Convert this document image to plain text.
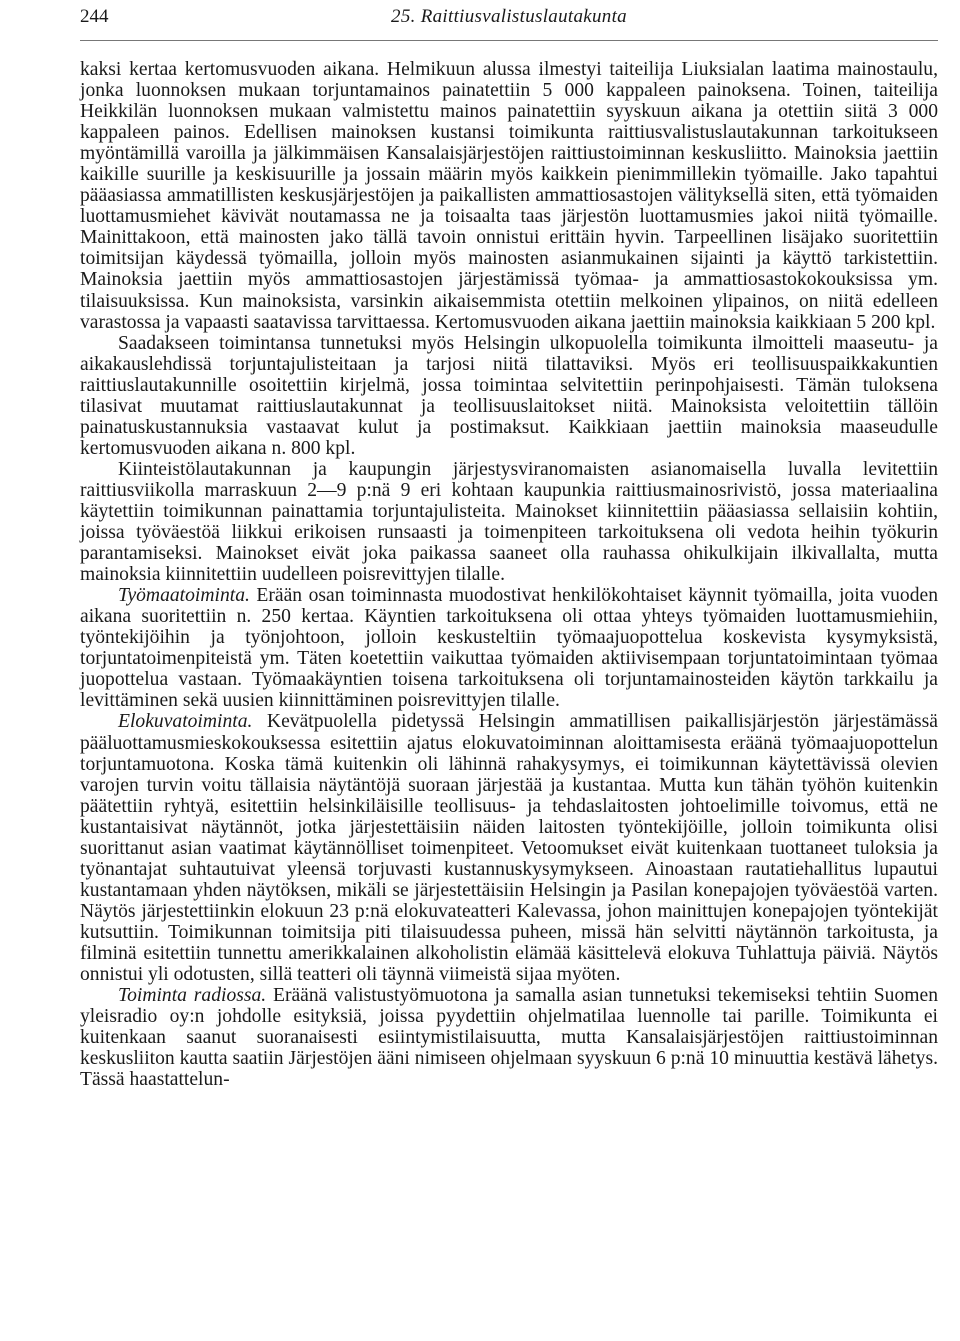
244	25. Raittiusvalistuslautakunta

kaksi kertaa kertomusvuoden aikana. Helmikuun alussa ilmestyi taiteilija Liuksialan laatima mainostaulu, jonka luonnoksen mukaan torjuntamainos painatettiin 5 000 kappaleen painoksena. Toinen, taiteilija Heikkilän luonnoksen mukaan valmistettu mainos painatettiin syyskuun aikana ja otettiin siitä 3 000 kappaleen painos. Edellisen mainoksen kustansi toimikunta raittiusvalistuslautakunnan tarkoitukseen myöntämillä varoilla ja jälkimmäisen Kansalaisjärjestöjen raittiustoiminnan keskusliitto. Mainoksia jaettiin kaikille suurille ja keskisuurille ja jossain määrin myös kaikkein pienimmillekin työmaille. Jako tapahtui pääasiassa ammatillisten keskusjärjestöjen ja paikallisten ammattiosastojen välityksellä siten, että työmaiden luottamusmiehet kävivät noutamassa ne ja toisaalta taas järjestön luottamusmies jakoi niitä työmaille. Mainittakoon, että mainosten jako tällä tavoin onnistui erittäin hyvin. Tarpeellinen lisäjako suoritettiin toimitsijan käydessä työmailla, jolloin myös mainosten asianmukainen sijainti ja käyttö tarkistettiin. Mainoksia jaettiin myös ammattiosastojen järjestämissä työmaa- ja ammattiosastokokouksissa ym. tilaisuuksissa. Kun mainoksista, varsinkin aikaisemmista otettiin melkoinen ylipainos, on niitä edelleen varastossa ja vapaasti saatavissa tarvittaessa. Kertomusvuoden aikana jaettiin mainoksia kaikkiaan 5 200 kpl.

Saadakseen toimintansa tunnetuksi myös Helsingin ulkopuolella toimikunta ilmoitteli maaseutu- ja aikakauslehdissä torjuntajulisteitaan ja tarjosi niitä tilattaviksi. Myös eri teollisuuspaikkakuntien raittiuslautakunnille osoitettiin kirjelmä, jossa toimintaa selvitettiin perinpohjaisesti. Tämän tuloksena tilasivat muutamat raittiuslautakunnat ja teollisuuslaitokset niitä. Mainoksista veloitettiin tällöin painatuskustannuksia vastaavat kulut ja postimaksut. Kaikkiaan jaettiin mainoksia maaseudulle kertomusvuoden aikana n. 800 kpl.

Kiinteistölautakunnan ja kaupungin järjestysviranomaisten asianomaisella luvalla levitettiin raittiusviikolla marraskuun 2—9 p:nä 9 eri kohtaan kaupunkia raittiusmainosrivistö, jossa materiaalina käytettiin toimikunnan painattamia torjuntajulisteita. Mainokset kiinnitettiin pääasiassa sellaisiin kohtiin, joissa työväestöä liikkui erikoisen runsaasti ja toimenpiteen tarkoituksena oli vedota heihin työkurin parantamiseksi. Mainokset eivät joka paikassa saaneet olla rauhassa ohikulkijain ilkivallalta, mutta mainoksia kiinnitettiin uudelleen poisrevittyjen tilalle.

Työmaatoiminta. Erään osan toiminnasta muodostivat henkilökohtaiset käynnit työmailla, joita vuoden aikana suoritettiin n. 250 kertaa. Käyntien tarkoituksena oli ottaa yhteys työmaiden luottamusmiehiin, työntekijöihin ja työnjohtoon, jolloin keskusteltiin työmaajuopottelua koskevista kysymyksistä, torjuntatoimenpiteistä ym. Täten koetettiin vaikuttaa työmaiden aktiivisempaan torjuntatoimintaan työmaa juopottelua vastaan. Työmaakäyntien toisena tarkoituksena oli torjuntamainosteiden käytön tarkkailu ja levittäminen sekä uusien kiinnittäminen poisrevittyjen tilalle.

Elokuvatoiminta. Kevätpuolella pidetyssä Helsingin ammatillisen paikallisjärjestön järjestämässä pääluottamusmieskokouksessa esitettiin ajatus elokuvatoiminnan aloittamisesta eräänä työmaajuopottelun torjuntamuotona. Koska tämä kuitenkin oli lähinnä rahakysymys, ei toimikunnan käytettävissä olevien varojen turvin voitu tällaisia näytäntöjä suoraan järjestää ja kustantaa. Mutta kun tähän työhön kuitenkin päätettiin ryhtyä, esitettiin helsinkiläisille teollisuus- ja tehdaslaitosten johtoelimille toivomus, että ne kustantaisivat näytännöt, jotka järjestettäisiin näiden laitosten työntekijöille, jolloin toimikunta olisi suorittanut asian vaatimat käytännölliset toimenpiteet. Vetoomukset eivät kuitenkaan tuottaneet tuloksia ja työnantajat suhtautuivat yleensä torjuvasti kustannuskysymykseen. Ainoastaan rautatiehallitus lupautui kustantamaan yhden näytöksen, mikäli se järjestettäisiin Helsingin ja Pasilan konepajojen työväestöä varten. Näytös järjestettiinkin elokuun 23 p:nä elokuvateatteri Kalevassa, johon mainittujen konepajojen työntekijät kutsuttiin. Toimikunnan toimitsija piti tilaisuudessa puheen, missä hän selvitti näytännön tarkoitusta, ja filminä esitettiin tunnettu amerikkalainen alkoholistin elämää käsittelevä elokuva Tuhlattuja päiviä. Näytös onnistui yli odotusten, sillä teatteri oli täynnä viimeistä sijaa myöten.

Toiminta radiossa. Eräänä valistustyömuotona ja samalla asian tunnetuksi tekemiseksi tehtiin Suomen yleisradio oy:n johdolle esityksiä, joissa pyydettiin ohjelmatilaa luennolle tai parille. Toimikunta ei kuitenkaan saanut suoranaisesti esiintymistilaisuutta, mutta Kansalaisjärjestöjen raittiustoiminnan keskusliiton kautta saatiin Järjestöjen ääni nimiseen ohjelmaan syyskuun 6 p:nä 10 minuuttia kestävä lähetys. Tässä haastattelun-
